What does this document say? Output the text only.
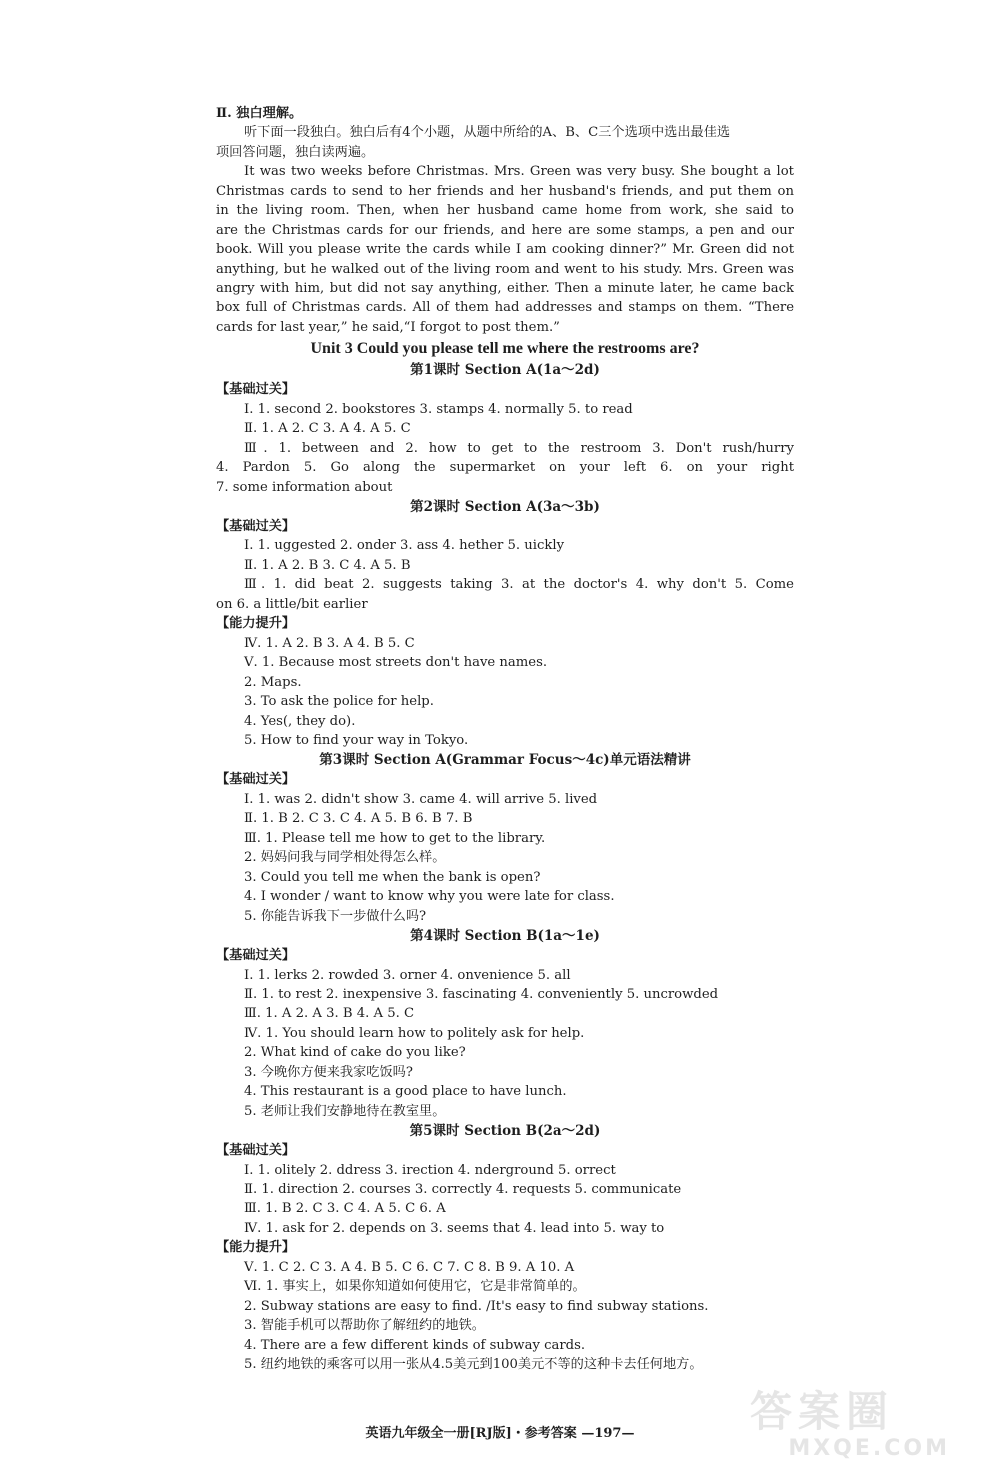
Ⅱ. 独白理解。
听下面一段独白。独白后有4个小题，从题中所给的A、B、C三个选项中选出最佳选
项回答问题，独白读两遍。
It was two weeks before Christmas. Mrs. Green was very busy. She bought a lot
Christmas cards to send to her friends and her husband's friends, and put them on
in the living room. Then, when her husband came home from work, she said to
are the Christmas cards for our friends, and here are some stamps, a pen and our
book. Will you please write the cards while I am cooking dinner?” Mr. Green did not
anything, but he walked out of the living room and went to his study. Mrs. Green was
angry with him, but did not say anything, either. Then a minute later, he came back
box full of Christmas cards. All of them had addresses and stamps on them. “There
cards for last year,” he said,“I forgot to post them.”
Unit 3 Could you please tell me where the restrooms are?
第1课时 Section A(1a～2d)
【基础过关】
Ⅰ. 1. second 2. bookstores 3. stamps 4. normally 5. to read
Ⅱ. 1. A 2. C 3. A 4. A 5. C
Ⅲ. 1. between and 2. how to get to the restroom 3. Don't rush/hurry
4. Pardon 5. Go along the supermarket on your left 6. on your right
7. some information about
第2课时 Section A(3a～3b)
【基础过关】
Ⅰ. 1. uggested 2. onder 3. ass 4. hether 5. uickly
Ⅱ. 1. A 2. B 3. C 4. A 5. B
Ⅲ. 1. did beat 2. suggests taking 3. at the doctor's 4. why don't 5. Come
on 6. a little/bit earlier
【能力提升】
Ⅳ. 1. A 2. B 3. A 4. B 5. C
Ⅴ. 1. Because most streets don't have names.
2. Maps.
3. To ask the police for help.
4. Yes(, they do).
5. How to find your way in Tokyo.
第3课时 Section A(Grammar Focus～4c)单元语法精讲
【基础过关】
Ⅰ. 1. was 2. didn't show 3. came 4. will arrive 5. lived
Ⅱ. 1. B 2. C 3. C 4. A 5. B 6. B 7. B
Ⅲ. 1. Please tell me how to get to the library.
2. 妈妈问我与同学相处得怎么样。
3. Could you tell me when the bank is open?
4. I wonder / want to know why you were late for class.
5. 你能告诉我下一步做什么吗?
第4课时 Section B(1a～1e)
【基础过关】
Ⅰ. 1. lerks 2. rowded 3. orner 4. onvenience 5. all
Ⅱ. 1. to rest 2. inexpensive 3. fascinating 4. conveniently 5. uncrowded
Ⅲ. 1. A 2. A 3. B 4. A 5. C
Ⅳ. 1. You should learn how to politely ask for help.
2. What kind of cake do you like?
3. 今晚你方便来我家吃饭吗?
4. This restaurant is a good place to have lunch.
5. 老师让我们安静地待在教室里。
第5课时 Section B(2a～2d)
【基础过关】
Ⅰ. 1. olitely 2. ddress 3. irection 4. nderground 5. orrect
Ⅱ. 1. direction 2. courses 3. correctly 4. requests 5. communicate
Ⅲ. 1. B 2. C 3. C 4. A 5. C 6. A
Ⅳ. 1. ask for 2. depends on 3. seems that 4. lead into 5. way to
【能力提升】
Ⅴ. 1. C 2. C 3. A 4. B 5. C 6. C 7. C 8. B 9. A 10. A
Ⅵ. 1. 事实上，如果你知道如何使用它，它是非常简单的。
2. Subway stations are easy to find. /It's easy to find subway stations.
3. 智能手机可以帮助你了解纽约的地铁。
4. There are a few different kinds of subway cards.
5. 纽约地铁的乘客可以用一张从4.5美元到100美元不等的这种卡去任何地方。
英语九年级全一册[RJ版]・参考答案 —197—	答案圈
MXQE.COM
